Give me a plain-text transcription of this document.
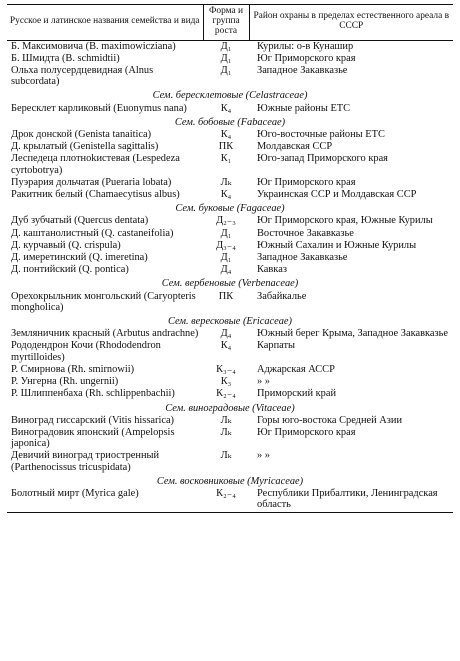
Русское и латинское названия семейства и вида	Форма и группа роста	Район охраны в пределах естественного ареала в СССР
Б. Максимовича (B. maximowicziana)	Д₁	Курилы: о-в Кунашир
Б. Шмидта (B. schmidtii)	Д₁	Юг Приморского края
Ольха полусердцевидная (Alnus subcordata)	Д₁	Западное Закавказье
Сем. бересклетовые (Celastraceae)		
Бересклет карликовый (Euonymus nana)	К₄	Южные районы ЕТС
Сем. бобовые (Fabaceae)		
Дрок донской (Genista tanaitica)	К₄	Юго-восточные районы ЕТС
Д. крылатый (Genistella sagittalis)	ПК	Молдавская ССР
Леспедеца плотноkистевая (Lespedeza cyrtobotrya)	К₁	Юго-запад Приморского края
Пуэрария дольчатая (Pueraria lobata)	Лₖ	Юг Приморского края
Ракитник белый (Chamaecytisus albus)	К₄	Украинская ССР и Молдавская ССР
Сем. буковые (Fagaceae)		
Дуб зубчатый (Quercus dentata)	Д₂₋₃	Юг Приморского края, Южные Курилы
Д. каштанолистный (Q. castaneifolia)	Д₁	Восточное Закавказье
Д. курчавый (Q. crispula)	Д₃₋₄	Южный Сахалин и Южные Курилы
Д. имеретинский (Q. imeretina)	Д₁	Западное Закавказье
Д. понтийский (Q. pontica)	Д₄	Кавказ
Сем. вербеновые (Verbenaceae)		
Орехокрыльник монгольский (Caryopteris mongholica)	ПК	Забайкалье
Сем. вересковые (Ericaceae)		
Земляничник красный (Arbutus andrachne)	Д₄	Южный берег Крыма, Западное Закавказье
Рододендрон Кочи (Rhododendron myrtilloides)	К₄	Карпаты
Р. Смирнова (Rh. smirnowii)	К₃₋₄	Аджарская АССР
Р. Унгерна (Rh. ungernii)	К₃	» »
Р. Шлиппенбаха (Rh. schlippenbachii)	К₂₋₄	Приморский край
Сем. виноградовые (Vitaceae)		
Виноград гиссарский (Vitis hissarica)	Лₖ	Горы юго-востока Средней Азии
Виноградовик японский (Ampelopsis japonica)	Лₖ	Юг Приморского края
Девичий виноград триостренный (Parthenocissus tricuspidata)	Лₖ	» »
Сем. восковниковые (Myricaceae)		
Болотный мирт (Myrica gale)	К₂₋₄	Республики Прибалтики, Ленинградская область
